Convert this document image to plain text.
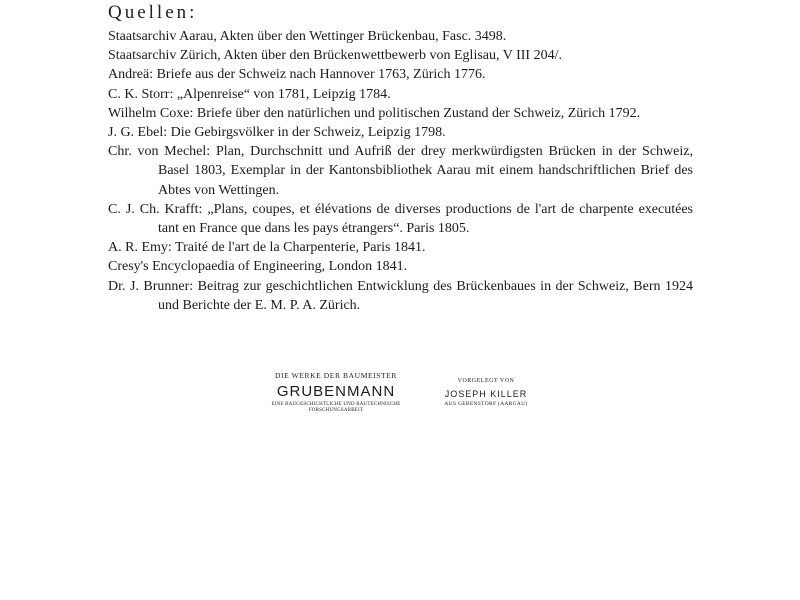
Quellen:
Staatsarchiv Aarau, Akten über den Wettinger Brückenbau, Fasc. 3498.
Staatsarchiv Zürich, Akten über den Brückenwettbewerb von Eglisau, V III 204/.
Andreä: Briefe aus der Schweiz nach Hannover 1763, Zürich 1776.
C. K. Storr: „Alpenreise“ von 1781, Leipzig 1784.
Wilhelm Coxe: Briefe über den natürlichen und politischen Zustand der Schweiz, Zürich 1792.
J. G. Ebel: Die Gebirgsvölker in der Schweiz, Leipzig 1798.
Chr. von Mechel: Plan, Durchschnitt und Aufriß der drey merkwürdigsten Brücken in der Schweiz, Basel 1803, Exemplar in der Kantonsbibliothek Aarau mit einem handschriftlichen Brief des Abtes von Wettingen.
C. J. Ch. Krafft: „Plans, coupes, et élévations de diverses productions de l'art de charpente executées tant en France que dans les pays étrangers“. Paris 1805.
A. R. Emy: Traité de l'art de la Charpenterie, Paris 1841.
Cresy's Encyclopaedia of Engineering, London 1841.
Dr. J. Brunner: Beitrag zur geschichtlichen Entwicklung des Brückenbaues in der Schweiz, Bern 1924 und Berichte der E. M. P. A. Zürich.

DIE WERKE DER BAUMEISTER

GRUBENMANN

EINE BAUGESCHICHTLICHE UND BAUTECHNISCHE

FORSCHUNGSARBEIT

VORGELEGT VON

JOSEPH KILLER

AUS GEBENSTORF (AARGAU)
